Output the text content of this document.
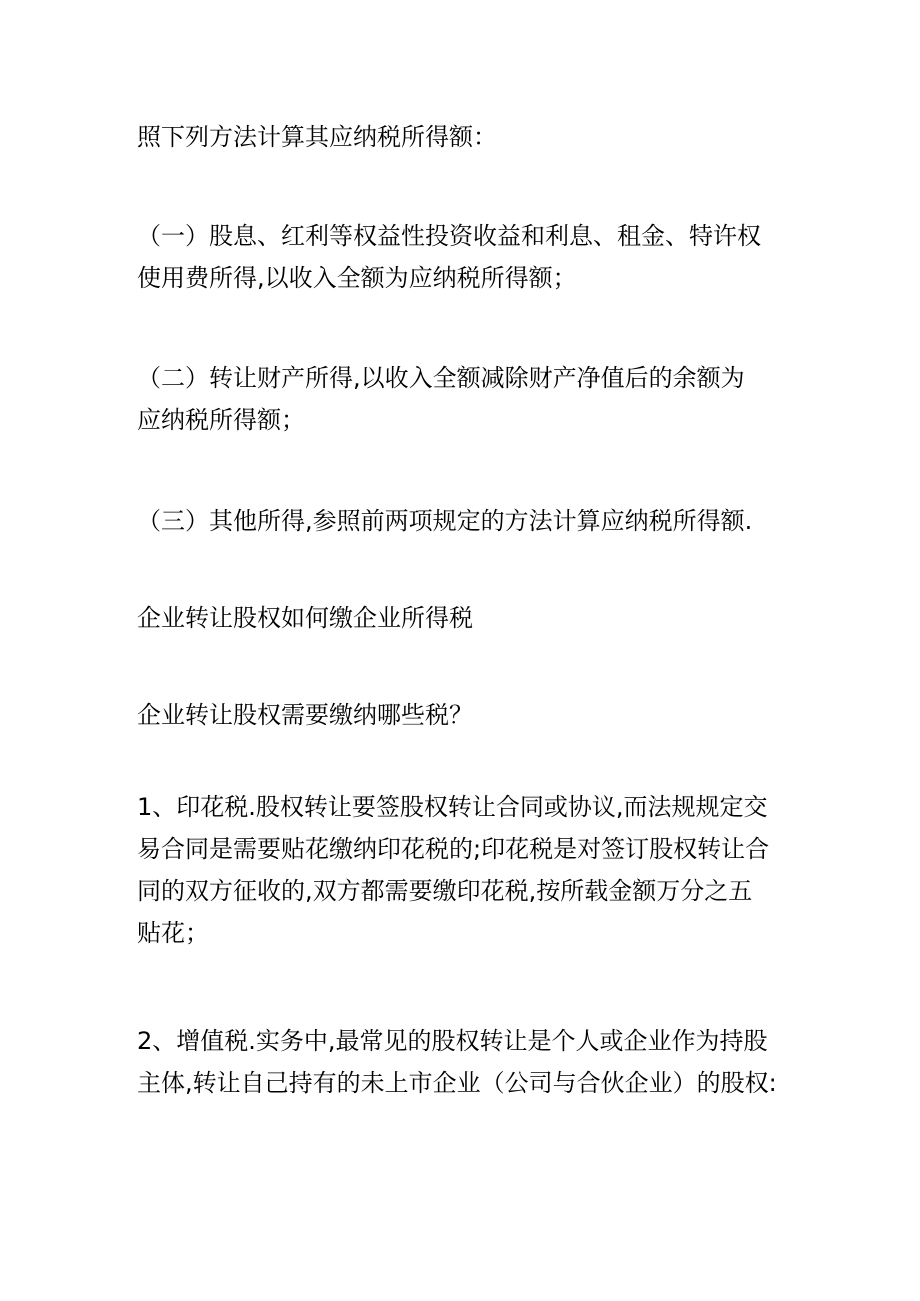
照下列方法计算其应纳税所得额：

（一）股息、红利等权益性投资收益和利息、租金、特许权
使用费所得,以收入全额为应纳税所得额；

（二）转让财产所得,以收入全额减除财产净值后的余额为
应纳税所得额；

（三）其他所得,参照前两项规定的方法计算应纳税所得额.

企业转让股权如何缴企业所得税

企业转让股权需要缴纳哪些税？

1、印花税.股权转让要签股权转让合同或协议,而法规规定交
易合同是需要贴花缴纳印花税的;印花税是对签订股权转让合
同的双方征收的,双方都需要缴印花税,按所载金额万分之五
贴花；

2、增值税.实务中,最常见的股权转让是个人或企业作为持股
主体,转让自己持有的未上市企业（公司与合伙企业）的股权:
